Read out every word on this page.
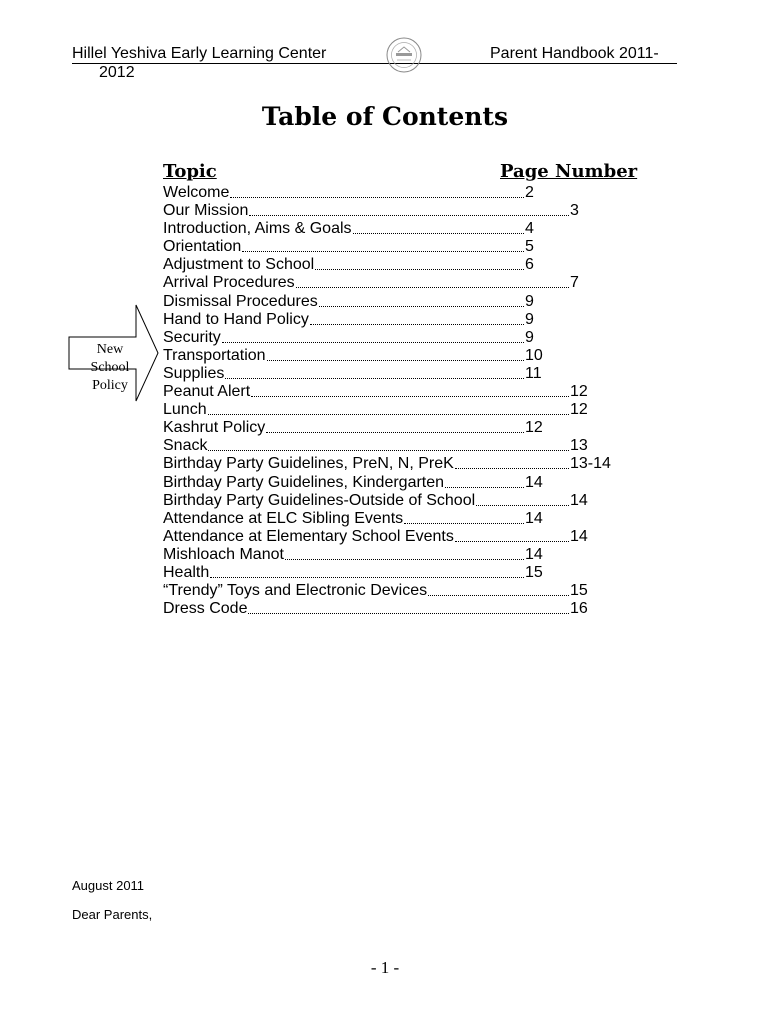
Hillel Yeshiva Early Learning Center
2012
Parent Handbook 2011-
Table of Contents
Topic	Page Number
Welcome	2
Our Mission	3
Introduction, Aims & Goals	4
Orientation	5
Adjustment to School	6
Arrival Procedures	7
Dismissal Procedures	9
Hand to Hand Policy	9
Security	9
Transportation	10
Supplies	11
Peanut Alert	12
Lunch	12
Kashrut Policy	12
Snack	13
Birthday Party Guidelines, PreN, N, PreK	13-14
Birthday Party Guidelines, Kindergarten	14
Birthday Party Guidelines-Outside of School	14
Attendance at ELC Sibling Events	14
Attendance at Elementary School Events	14
Mishloach Manot	14
Health	15
“Trendy” Toys and Electronic Devices	15
Dress Code	16
New
School
Policy
August 2011
Dear Parents,
- 1 -
